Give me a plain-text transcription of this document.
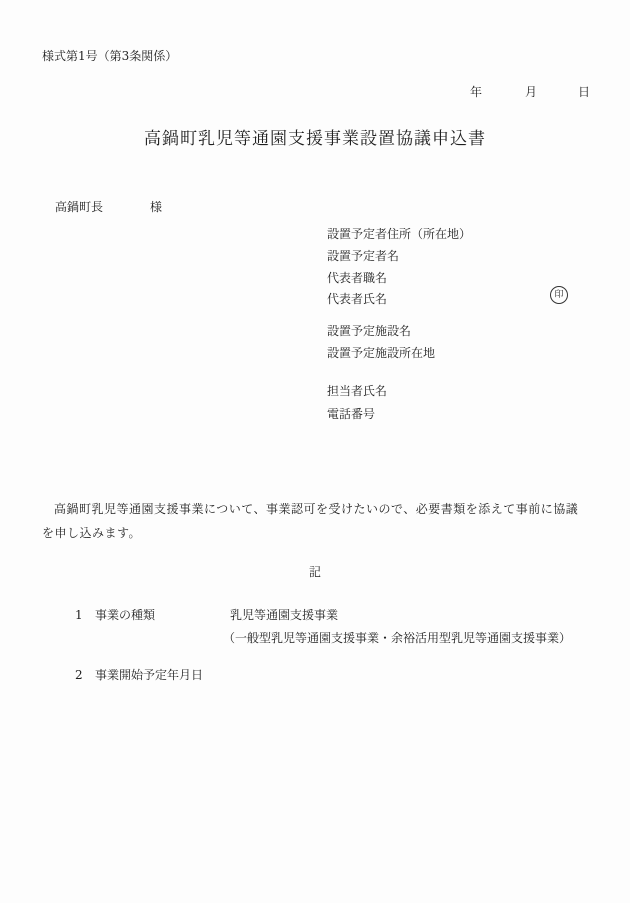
様式第1号（第3条関係）
年	月	日
高鍋町乳児等通園支援事業設置協議申込書
高鍋町長	様
設置予定者住所（所在地）
設置予定者名
代表者職名
代表者氏名	印
設置予定施設名
設置予定施設所在地
担当者氏名
電話番号

高鍋町乳児等通園支援事業について、事業認可を受けたいので、必要書類を添えて事前に協議を申し込みます。

記
1 事業の種類	乳児等通園支援事業
（一般型乳児等通園支援事業・余裕活用型乳児等通園支援事業）
2 事業開始予定年月日
